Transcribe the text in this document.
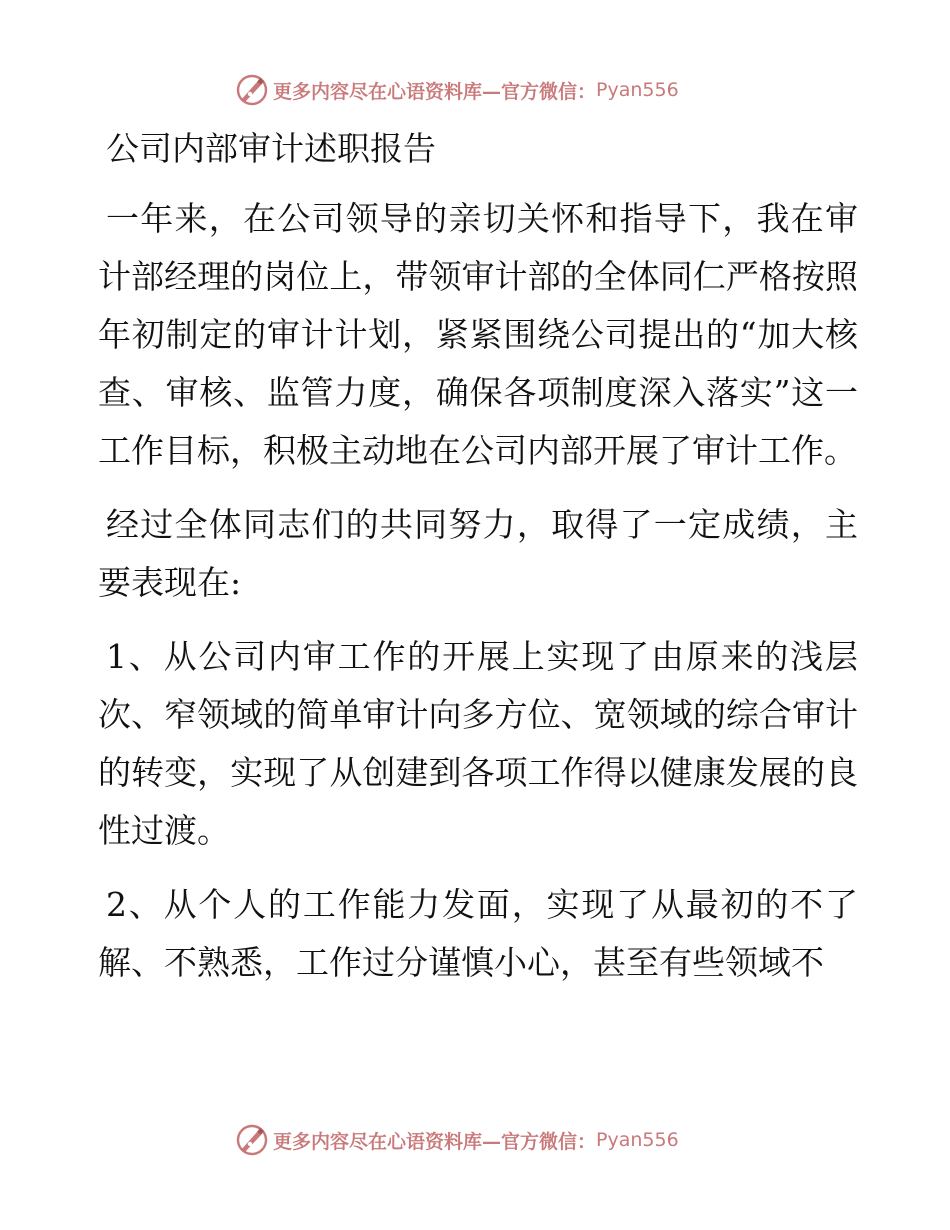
更多内容尽在心语资料库—官方微信： Pyan556
公司内部审计述职报告

一年来，在公司领导的亲切关怀和指导下，我在审计部经理的岗位上，带领审计部的全体同仁严格按照年初制定的审计计划，紧紧围绕公司提出的“加大核查、审核、监管力度，确保各项制度深入落实”这一工作目标，积极主动地在公司内部开展了审计工作。

经过全体同志们的共同努力，取得了一定成绩，主要表现在:

1、从公司内审工作的开展上实现了由原来的浅层次、窄领域的简单审计向多方位、宽领域的综合审计的转变，实现了从创建到各项工作得以健康发展的良性过渡。

2、从个人的工作能力发面，实现了从最初的不了解、不熟悉，工作过分谨慎小心，甚至有些领域不

更多内容尽在心语资料库—官方微信： Pyan556
